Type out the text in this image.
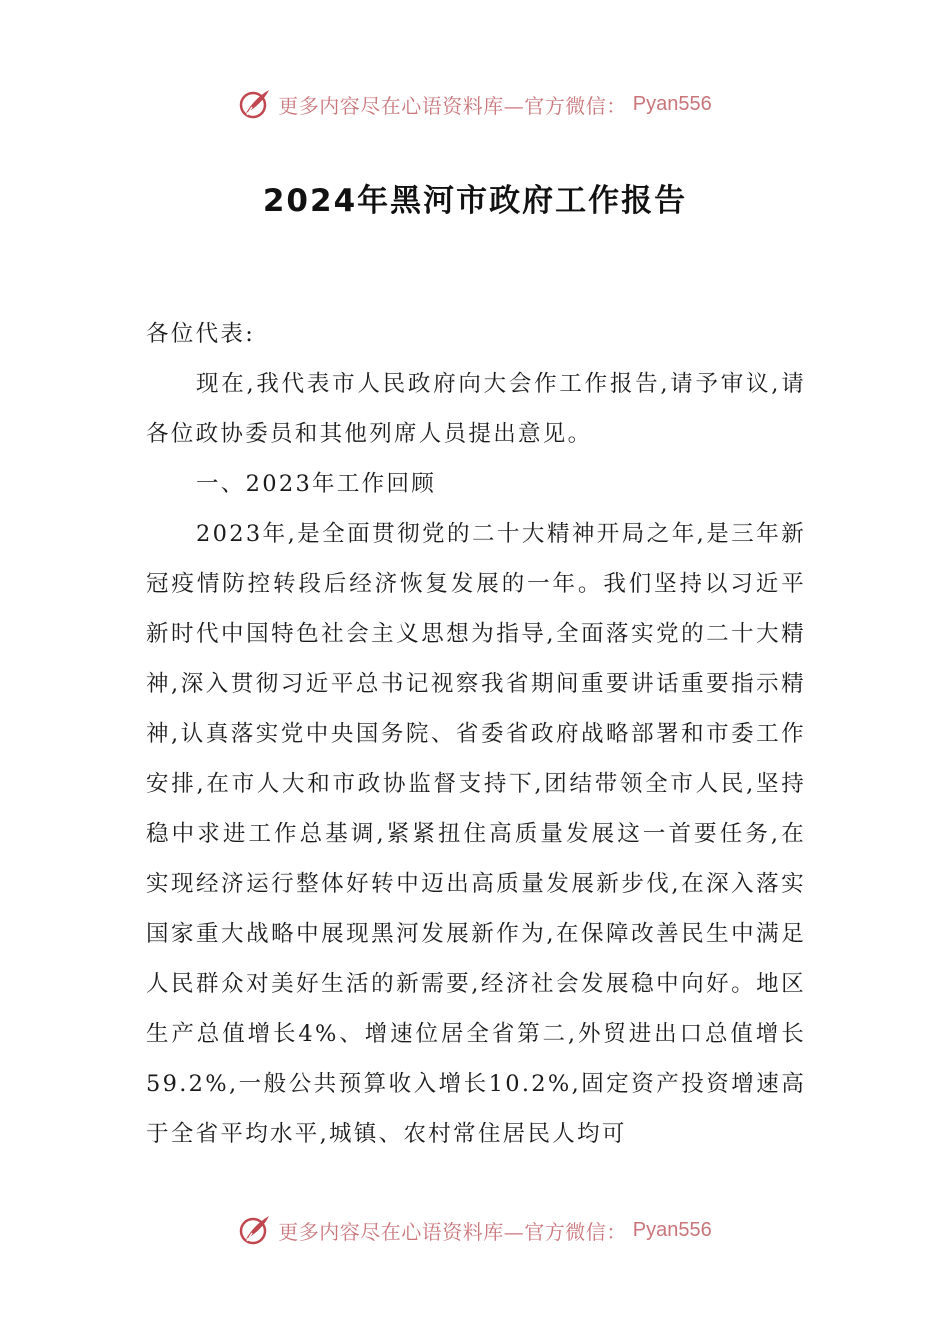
更多内容尽在心语资料库—官方微信： Pyan556
2024年黑河市政府工作报告

各位代表:

现在,我代表市人民政府向大会作工作报告,请予审议,请各位政协委员和其他列席人员提出意见。

一、2023年工作回顾

2023年,是全面贯彻党的二十大精神开局之年,是三年新冠疫情防控转段后经济恢复发展的一年。我们坚持以习近平新时代中国特色社会主义思想为指导,全面落实党的二十大精神,深入贯彻习近平总书记视察我省期间重要讲话重要指示精神,认真落实党中央国务院、省委省政府战略部署和市委工作安排,在市人大和市政协监督支持下,团结带领全市人民,坚持稳中求进工作总基调,紧紧扭住高质量发展这一首要任务,在实现经济运行整体好转中迈出高质量发展新步伐,在深入落实国家重大战略中展现黑河发展新作为,在保障改善民生中满足人民群众对美好生活的新需要,经济社会发展稳中向好。地区生产总值增长4%、增速位居全省第二,外贸进出口总值增长59.2%,一般公共预算收入增长10.2%,固定资产投资增速高于全省平均水平,城镇、农村常住居民人均可

更多内容尽在心语资料库—官方微信： Pyan556
